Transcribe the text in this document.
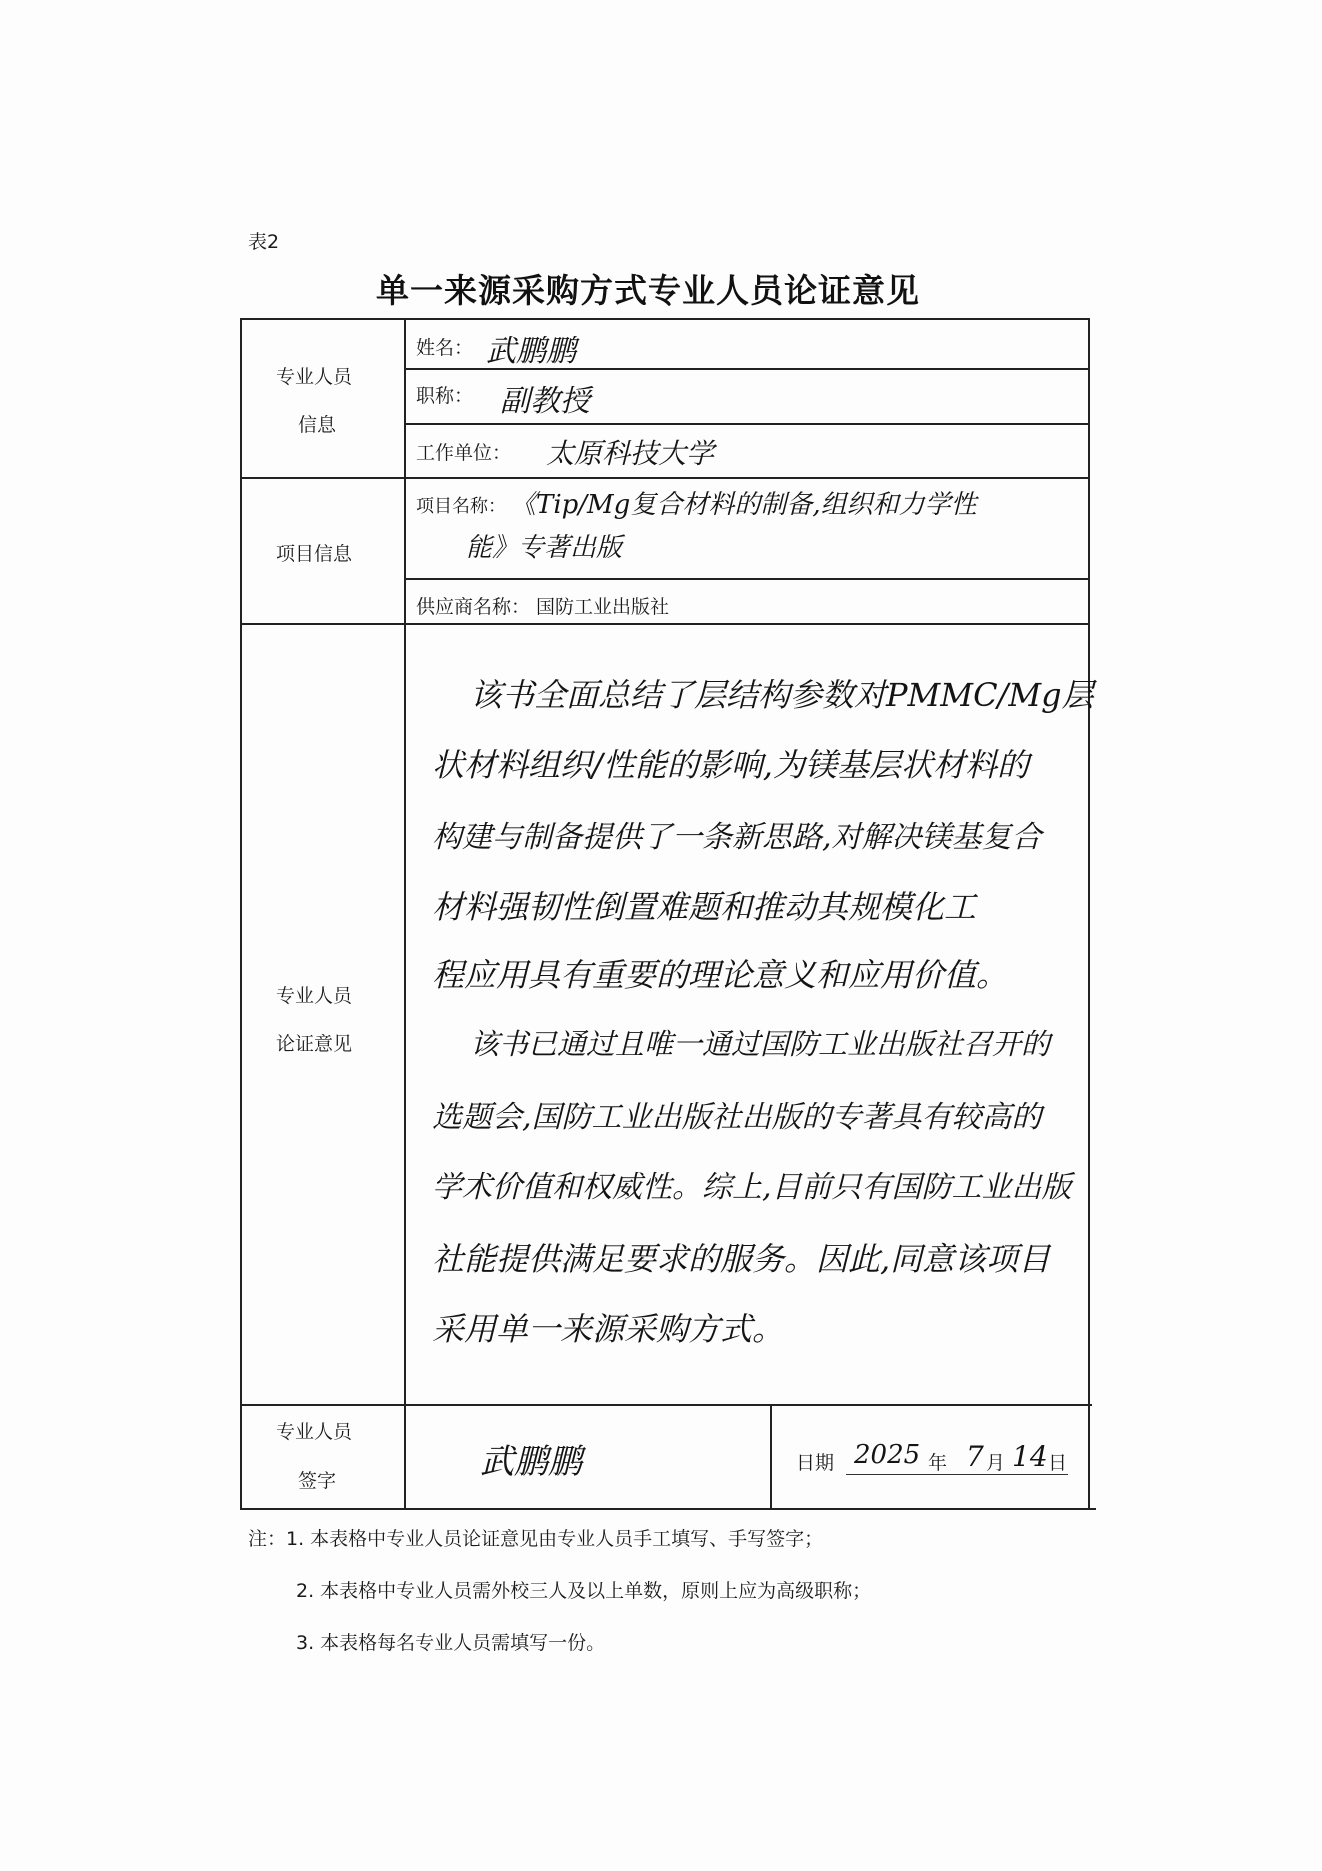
表2
单一来源采购方式专业人员论证意见
专业人员
信息
项目信息
专业人员
论证意见
专业人员
签字
姓名： 武鹏鹏
职称： 副教授
工作单位： 太原科技大学
项目名称： 《Tip/Mg复合材料的制备,组织和力学性
能》专著出版
供应商名称： 国防工业出版社
该书全面总结了层结构参数对PMMC/Mg层
状材料组织/性能的影响,为镁基层状材料的
构建与制备提供了一条新思路,对解决镁基复合
材料强韧性倒置难题和推动其规模化工
程应用具有重要的理论意义和应用价值。
该书已通过且唯一通过国防工业出版社召开的
选题会,国防工业出版社出版的专著具有较高的
学术价值和权威性。综上,目前只有国防工业出版
社能提供满足要求的服务。因此,同意该项目
采用单一来源采购方式。
武鹏鹏	日期 2025 年 7 月 14 日
注：1. 本表格中专业人员论证意见由专业人员手工填写、手写签字；
2. 本表格中专业人员需外校三人及以上单数，原则上应为高级职称；
3. 本表格每名专业人员需填写一份。
